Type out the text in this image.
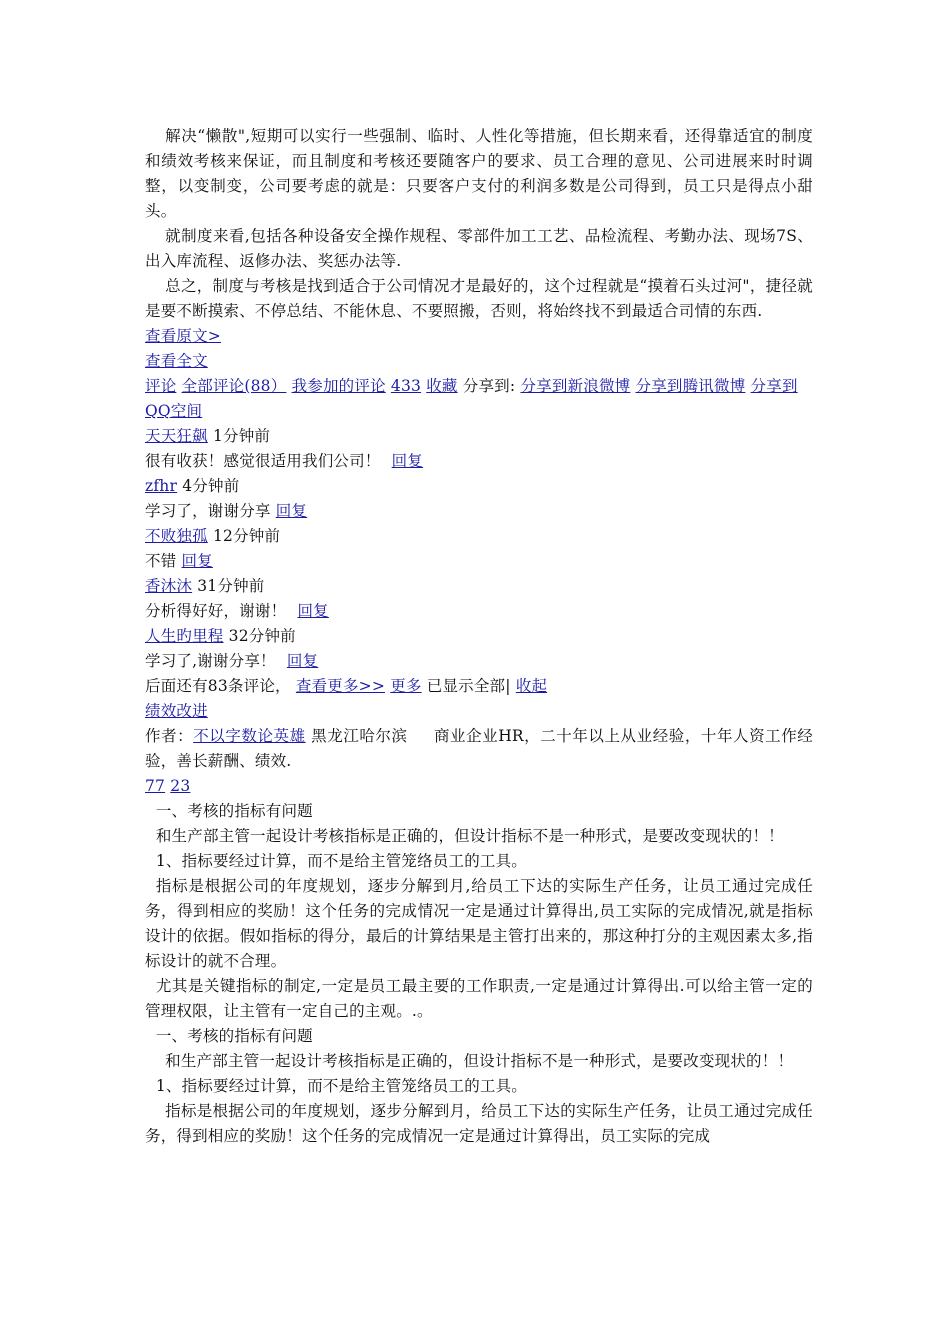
解决“懒散",短期可以实行一些强制、临时、人性化等措施，但长期来看，还得靠适宜的制度和绩效考核来保证，而且制度和考核还要随客户的要求、员工合理的意见、公司进展来时时调整，以变制变，公司要考虑的就是：只要客户支付的利润多数是公司得到，员工只是得点小甜头。

就制度来看,包括各种设备安全操作规程、零部件加工工艺、品检流程、考勤办法、现场7S、出入库流程、返修办法、奖惩办法等.

总之，制度与考核是找到适合于公司情况才是最好的，这个过程就是“摸着石头过河"，捷径就是要不断摸索、不停总结、不能休息、不要照搬，否则，将始终找不到最适合司情的东西.

查看原文>
查看全文
评论 全部评论(88） 我参加的评论 433 收藏 分享到: 分享到新浪微博 分享到腾讯微博 分享到QQ空间
天天狂飙 1分钟前
很有收获！感觉很适用我们公司！ 回复
zfhr 4分钟前
学习了，谢谢分享 回复
不败独孤 12分钟前
不错 回复
香沐沐 31分钟前
分析得好好，谢谢！ 回复
人生旳里程 32分钟前
学习了,谢谢分享！ 回复
后面还有83条评论， 查看更多>> 更多 已显示全部| 收起
绩效改进
作者：不以字数论英雄 黑龙江哈尔滨 商业企业HR，二十年以上从业经验，十年人资工作经验，善长薪酬、绩效.
77 23

一、考核的指标有问题

和生产部主管一起设计考核指标是正确的，但设计指标不是一种形式，是要改变现状的！！

1、指标要经过计算，而不是给主管笼络员工的工具。

指标是根据公司的年度规划，逐步分解到月,给员工下达的实际生产任务，让员工通过完成任务，得到相应的奖励！这个任务的完成情况一定是通过计算得出,员工实际的完成情况,就是指标设计的依据。假如指标的得分，最后的计算结果是主管打出来的，那这种打分的主观因素太多,指标设计的就不合理。

尤其是关键指标的制定,一定是员工最主要的工作职责,一定是通过计算得出.可以给主管一定的管理权限，让主管有一定自己的主观。.。

一、考核的指标有问题

和生产部主管一起设计考核指标是正确的，但设计指标不是一种形式，是要改变现状的！！

1、指标要经过计算，而不是给主管笼络员工的工具。

指标是根据公司的年度规划，逐步分解到月，给员工下达的实际生产任务，让员工通过完成任务，得到相应的奖励！这个任务的完成情况一定是通过计算得出，员工实际的完成
